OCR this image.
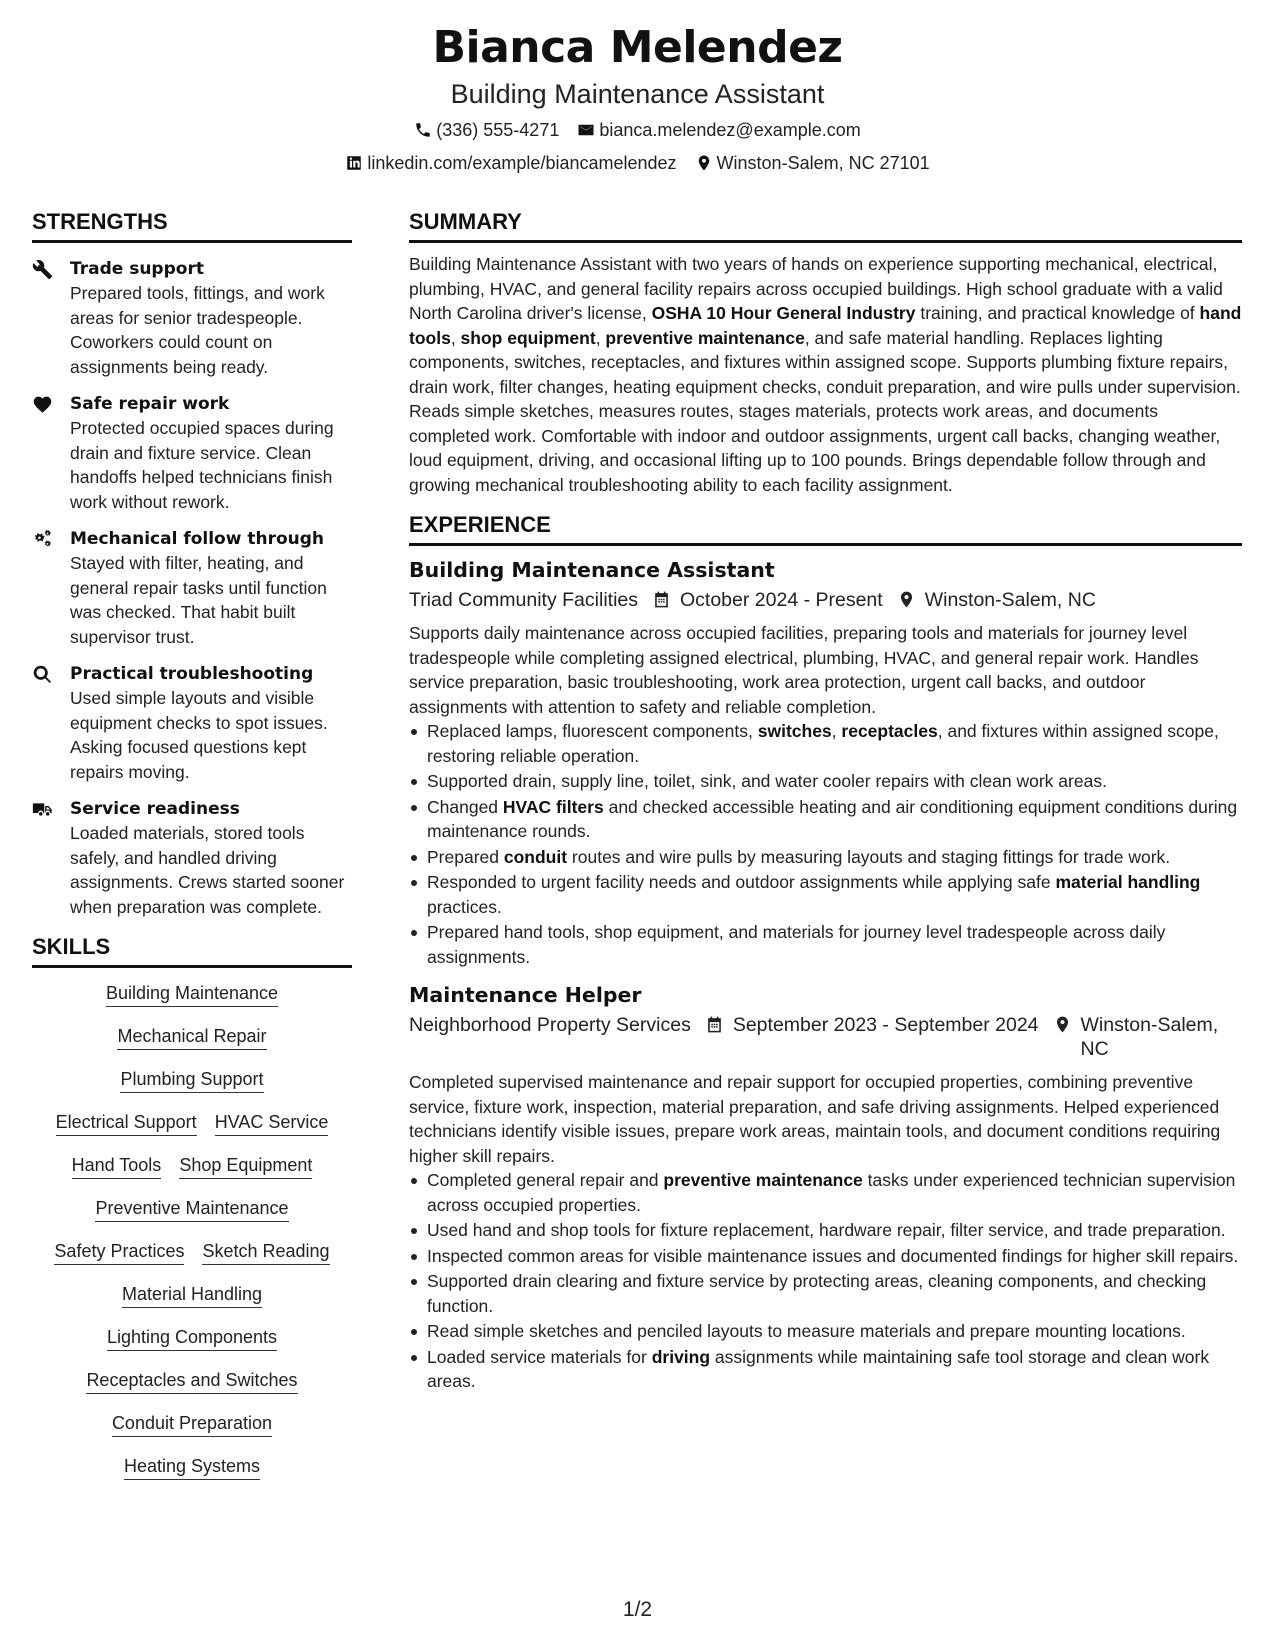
Bianca Melendez
Building Maintenance Assistant
(336) 555-4271 bianca.melendez@example.com
linkedin.com/example/biancamelendez Winston-Salem, NC 27101
STRENGTHS
Trade support
Prepared tools, fittings, and work areas for senior tradespeople. Coworkers could count on assignments being ready.
Safe repair work
Protected occupied spaces during drain and fixture service. Clean handoffs helped technicians finish work without rework.
Mechanical follow through
Stayed with filter, heating, and general repair tasks until function was checked. That habit built supervisor trust.
Practical troubleshooting
Used simple layouts and visible equipment checks to spot issues. Asking focused questions kept repairs moving.
Service readiness
Loaded materials, stored tools safely, and handled driving assignments. Crews started sooner when preparation was complete.
SKILLS
Building Maintenance
Mechanical Repair
Plumbing Support
Electrical Support HVAC Service
Hand Tools Shop Equipment
Preventive Maintenance
Safety Practices Sketch Reading
Material Handling
Lighting Components
Receptacles and Switches
Conduit Preparation
Heating Systems
SUMMARY
Building Maintenance Assistant with two years of hands on experience supporting mechanical, electrical, plumbing, HVAC, and general facility repairs across occupied buildings. High school graduate with a valid North Carolina driver's license, OSHA 10 Hour General Industry training, and practical knowledge of hand tools, shop equipment, preventive maintenance, and safe material handling. Replaces lighting components, switches, receptacles, and fixtures within assigned scope. Supports plumbing fixture repairs, drain work, filter changes, heating equipment checks, conduit preparation, and wire pulls under supervision. Reads simple sketches, measures routes, stages materials, protects work areas, and documents completed work. Comfortable with indoor and outdoor assignments, urgent call backs, changing weather, loud equipment, driving, and occasional lifting up to 100 pounds. Brings dependable follow through and growing mechanical troubleshooting ability to each facility assignment.
EXPERIENCE
Building Maintenance Assistant
Triad Community Facilities October 2024 - Present Winston-Salem, NC
Supports daily maintenance across occupied facilities, preparing tools and materials for journey level tradespeople while completing assigned electrical, plumbing, HVAC, and general repair work. Handles service preparation, basic troubleshooting, work area protection, urgent call backs, and outdoor assignments with attention to safety and reliable completion.
Replaced lamps, fluorescent components, switches, receptacles, and fixtures within assigned scope, restoring reliable operation.
Supported drain, supply line, toilet, sink, and water cooler repairs with clean work areas.
Changed HVAC filters and checked accessible heating and air conditioning equipment conditions during maintenance rounds.
Prepared conduit routes and wire pulls by measuring layouts and staging fittings for trade work.
Responded to urgent facility needs and outdoor assignments while applying safe material handling practices.
Prepared hand tools, shop equipment, and materials for journey level tradespeople across daily assignments.
Maintenance Helper
Neighborhood Property Services September 2023 - September 2024 Winston-Salem, NC
Completed supervised maintenance and repair support for occupied properties, combining preventive service, fixture work, inspection, material preparation, and safe driving assignments. Helped experienced technicians identify visible issues, prepare work areas, maintain tools, and document conditions requiring higher skill repairs.
Completed general repair and preventive maintenance tasks under experienced technician supervision across occupied properties.
Used hand and shop tools for fixture replacement, hardware repair, filter service, and trade preparation.
Inspected common areas for visible maintenance issues and documented findings for higher skill repairs.
Supported drain clearing and fixture service by protecting areas, cleaning components, and checking function.
Read simple sketches and penciled layouts to measure materials and prepare mounting locations.
Loaded service materials for driving assignments while maintaining safe tool storage and clean work areas.
1/2
